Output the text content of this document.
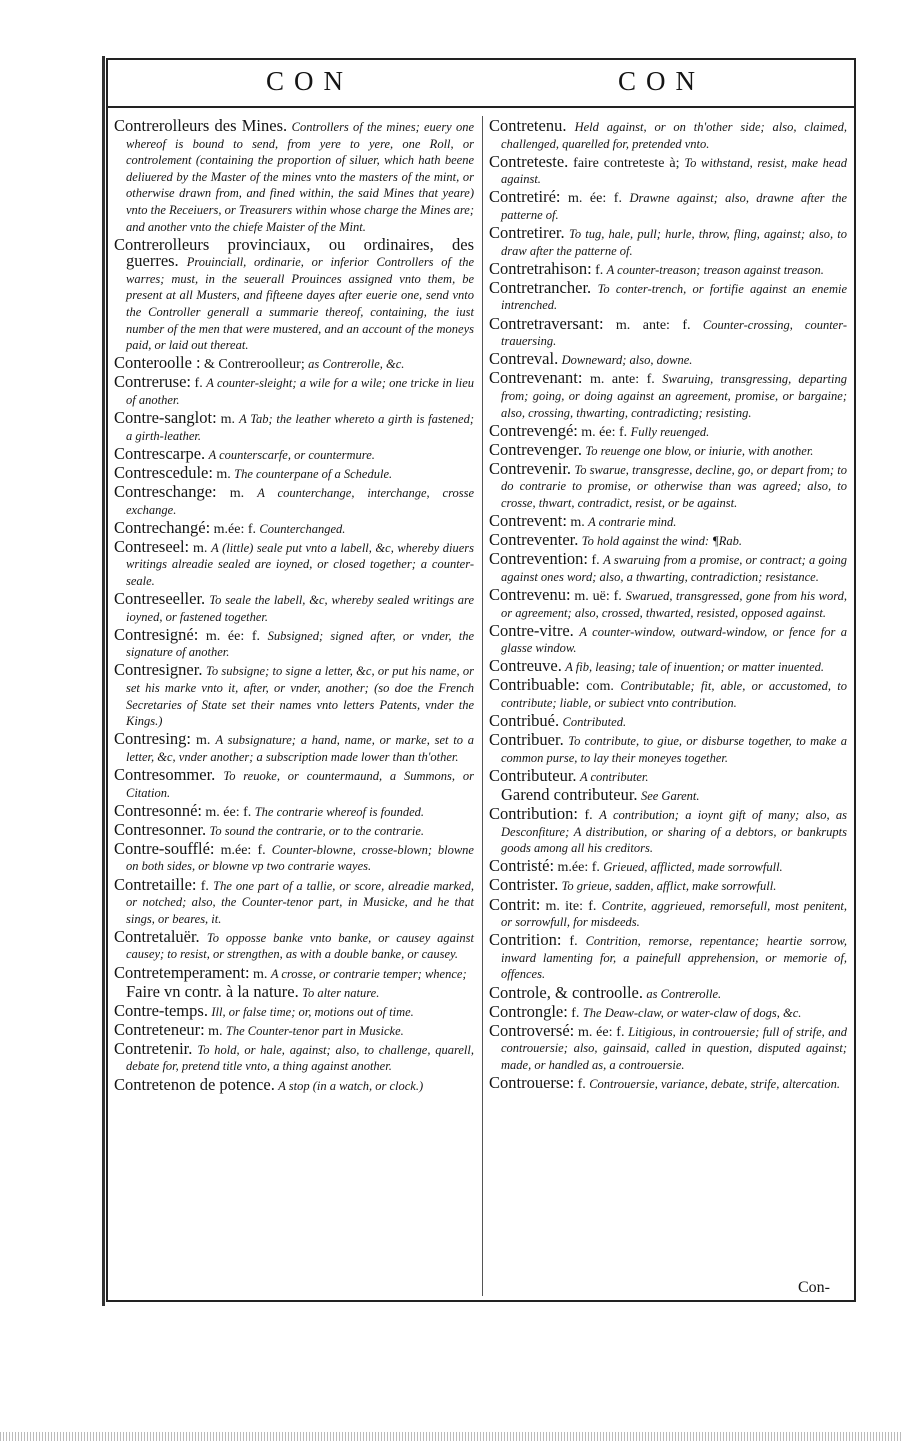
CON	CON

Contrerolleurs des Mines. Controllers of the mines; euery one whereof is bound to send, from yere to yere, one Roll, or controlement (containing the proportion of siluer, which hath beene deliuered by the Master of the mines vnto the masters of the mint, or otherwise drawn from, and fined within, the said Mines that yeare) vnto the Receiuers, or Treasurers within whose charge the Mines are; and another vnto the chiefe Maister of the Mint.

Contrerolleurs provinciaux, ou ordinaires, des guerres. Prouinciall, ordinarie, or inferior Controllers of the warres; must, in the seuerall Prouinces assigned vnto them, be present at all Musters, and fifteene dayes after euerie one, send vnto the Controller generall a summarie thereof, containing, the iust number of the men that were mustered, and an account of the moneys paid, or laid out thereat.

Conteroolle : & Contreroolleur; as Contrerolle, &c.

Contreruse: f. A counter-sleight; a wile for a wile; one tricke in lieu of another.

Contre-sanglot: m. A Tab; the leather whereto a girth is fastened; a girth-leather.

Contrescarpe. A counterscarfe, or countermure.

Contrescedule: m. The counterpane of a Schedule.

Contreschange: m. A counterchange, interchange, crosse exchange.

Contrechangé: m.ée: f. Counterchanged.

Contreseel: m. A (little) seale put vnto a labell, &c, whereby diuers writings alreadie sealed are ioyned, or closed together; a counter-seale.

Contreseeller. To seale the labell, &c, whereby sealed writings are ioyned, or fastened together.

Contresigné: m. ée: f. Subsigned; signed after, or vnder, the signature of another.

Contresigner. To subsigne; to signe a letter, &c, or put his name, or set his marke vnto it, after, or vnder, another; (so doe the French Secretaries of State set their names vnto letters Patents, vnder the Kings.)

Contresing: m. A subsignature; a hand, name, or marke, set to a letter, &c, vnder another; a subscription made lower than th'other.

Contresommer. To reuoke, or countermaund, a Summons, or Citation.

Contresonné: m. ée: f. The contrarie whereof is founded.

Contresonner. To sound the contrarie, or to the contrarie.

Contre-soufflé: m.ée: f. Counter-blowne, crosse-blown; blowne on both sides, or blowne vp two contrarie wayes.

Contretaille: f. The one part of a tallie, or score, alreadie marked, or notched; also, the Counter-tenor part, in Musicke, and he that sings, or beares, it.

Contretaluër. To opposse banke vnto banke, or causey against causey; to resist, or strengthen, as with a double banke, or causey.

Contretemperament: m. A crosse, or contrarie temper; whence;

Faire vn contr. à la nature. To alter nature.

Contre-temps. Ill, or false time; or, motions out of time.

Contreteneur: m. The Counter-tenor part in Musicke.

Contretenir. To hold, or hale, against; also, to challenge, quarell, debate for, pretend title vnto, a thing against another.

Contretenon de potence. A stop (in a watch, or clock.)

Contretenu. Held against, or on th'other side; also, claimed, challenged, quarelled for, pretended vnto.

Contreteste. faire contreteste à; To withstand, resist, make head against.

Contretiré: m. ée: f. Drawne against; also, drawne after the patterne of.

Contretirer. To tug, hale, pull; hurle, throw, fling, against; also, to draw after the patterne of.

Contretrahison: f. A counter-treason; treason against treason.

Contretrancher. To conter-trench, or fortifie against an enemie intrenched.

Contretraversant: m. ante: f. Counter-crossing, counter-trauersing.

Contreval. Downeward; also, downe.

Contrevenant: m. ante: f. Swaruing, transgressing, departing from; going, or doing against an agreement, promise, or bargaine; also, crossing, thwarting, contradicting; resisting.

Contrevengé: m. ée: f. Fully reuenged.

Contrevenger. To reuenge one blow, or iniurie, with another.

Contrevenir. To swarue, transgresse, decline, go, or depart from; to do contrarie to promise, or otherwise than was agreed; also, to crosse, thwart, contradict, resist, or be against.

Contrevent: m. A contrarie mind.

Contreventer. To hold against the wind: ¶Rab.

Contrevention: f. A swaruing from a promise, or contract; a going against ones word; also, a thwarting, contradiction; resistance.

Contrevenu: m. uë: f. Swarued, transgressed, gone from his word, or agreement; also, crossed, thwarted, resisted, opposed against.

Contre-vitre. A counter-window, outward-window, or fence for a glasse window.

Contreuve. A fib, leasing; tale of inuention; or matter inuented.

Contribuable: com. Contributable; fit, able, or accustomed, to contribute; liable, or subiect vnto contribution.

Contribué. Contributed.

Contribuer. To contribute, to giue, or disburse together, to make a common purse, to lay their moneyes together.

Contributeur. A contributer.

Garend contributeur. See Garent.

Contribution: f. A contribution; a ioynt gift of many; also, as Desconfiture; A distribution, or sharing of a debtors, or bankrupts goods among all his creditors.

Contristé: m.ée: f. Grieued, afflicted, made sorrowfull.

Contrister. To grieue, sadden, afflict, make sorrowfull.

Contrit: m. ite: f. Contrite, aggrieued, remorsefull, most penitent, or sorrowfull, for misdeeds.

Contrition: f. Contrition, remorse, repentance; heartie sorrow, inward lamenting for, a painefull apprehension, or memorie of, offences.

Controle, & controolle. as Contrerolle.

Controngle: f. The Deaw-claw, or water-claw of dogs, &c.

Controversé: m. ée: f. Litigious, in controuersie; full of strife, and controuersie; also, gainsaid, called in question, disputed against; made, or handled as, a controuersie.

Controuerse: f. Controuersie, variance, debate, strife, altercation.

Con-
